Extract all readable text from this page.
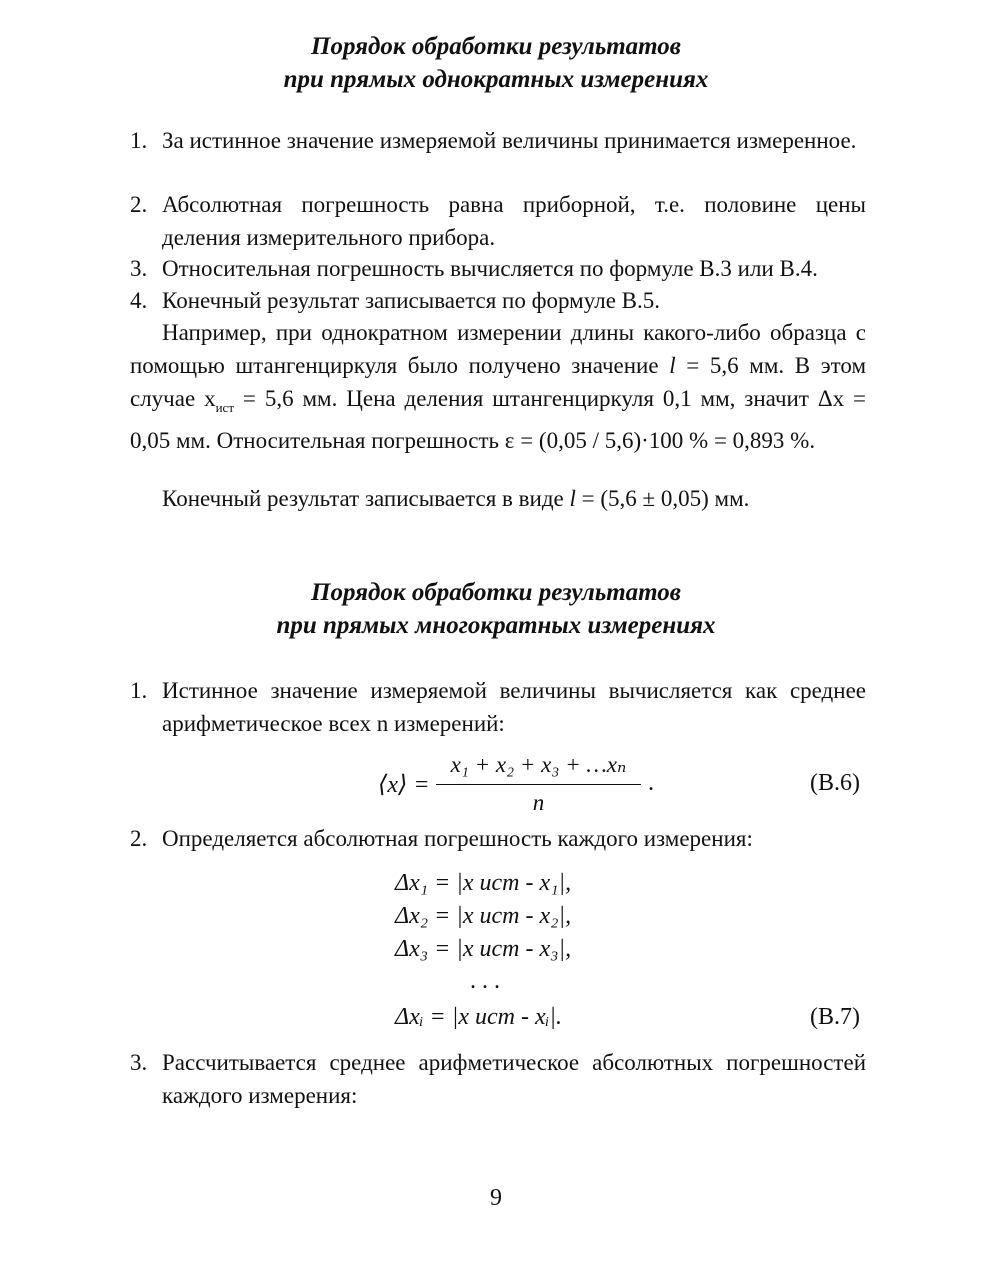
Порядок обработки результатов
при прямых однократных измерениях
1. За истинное значение измеряемой величины принимается измеренное.
2. Абсолютная погрешность равна приборной, т.е. половине цены деления измерительного прибора.
3. Относительная погрешность вычисляется по формуле В.3 или В.4.
4. Конечный результат записывается по формуле В.5.
Например, при однократном измерении длины какого-либо образца с помощью штангенциркуля было получено значение l = 5,6 мм. В этом случае $x_{ист} = 5,6$ мм. Цена деления штангенциркуля 0,1 мм, значит Δx = 0,05 мм. Относительная погрешность ε = (0,05 / 5,6)·100 % = 0,893 %.
Конечный результат записывается в виде l = (5,6 ± 0,05) мм.
Порядок обработки результатов
при прямых многократных измерениях
1. Истинное значение измеряемой величины вычисляется как среднее арифметическое всех n измерений:
⟨x⟩ =
x₁ + x₂ + x₃ + …xₙ
n
.	(B.6)
2. Определяется абсолютная погрешность каждого измерения:
Δx₁ = |x ист - x₁|,
Δx₂ = |x ист - x₂|,
Δx₃ = |x ист - x₃|,
. . .
Δxᵢ = |x ист - xᵢ|.	(B.7)
3. Рассчитывается среднее арифметическое абсолютных погрешностей каждого измерения:
9
